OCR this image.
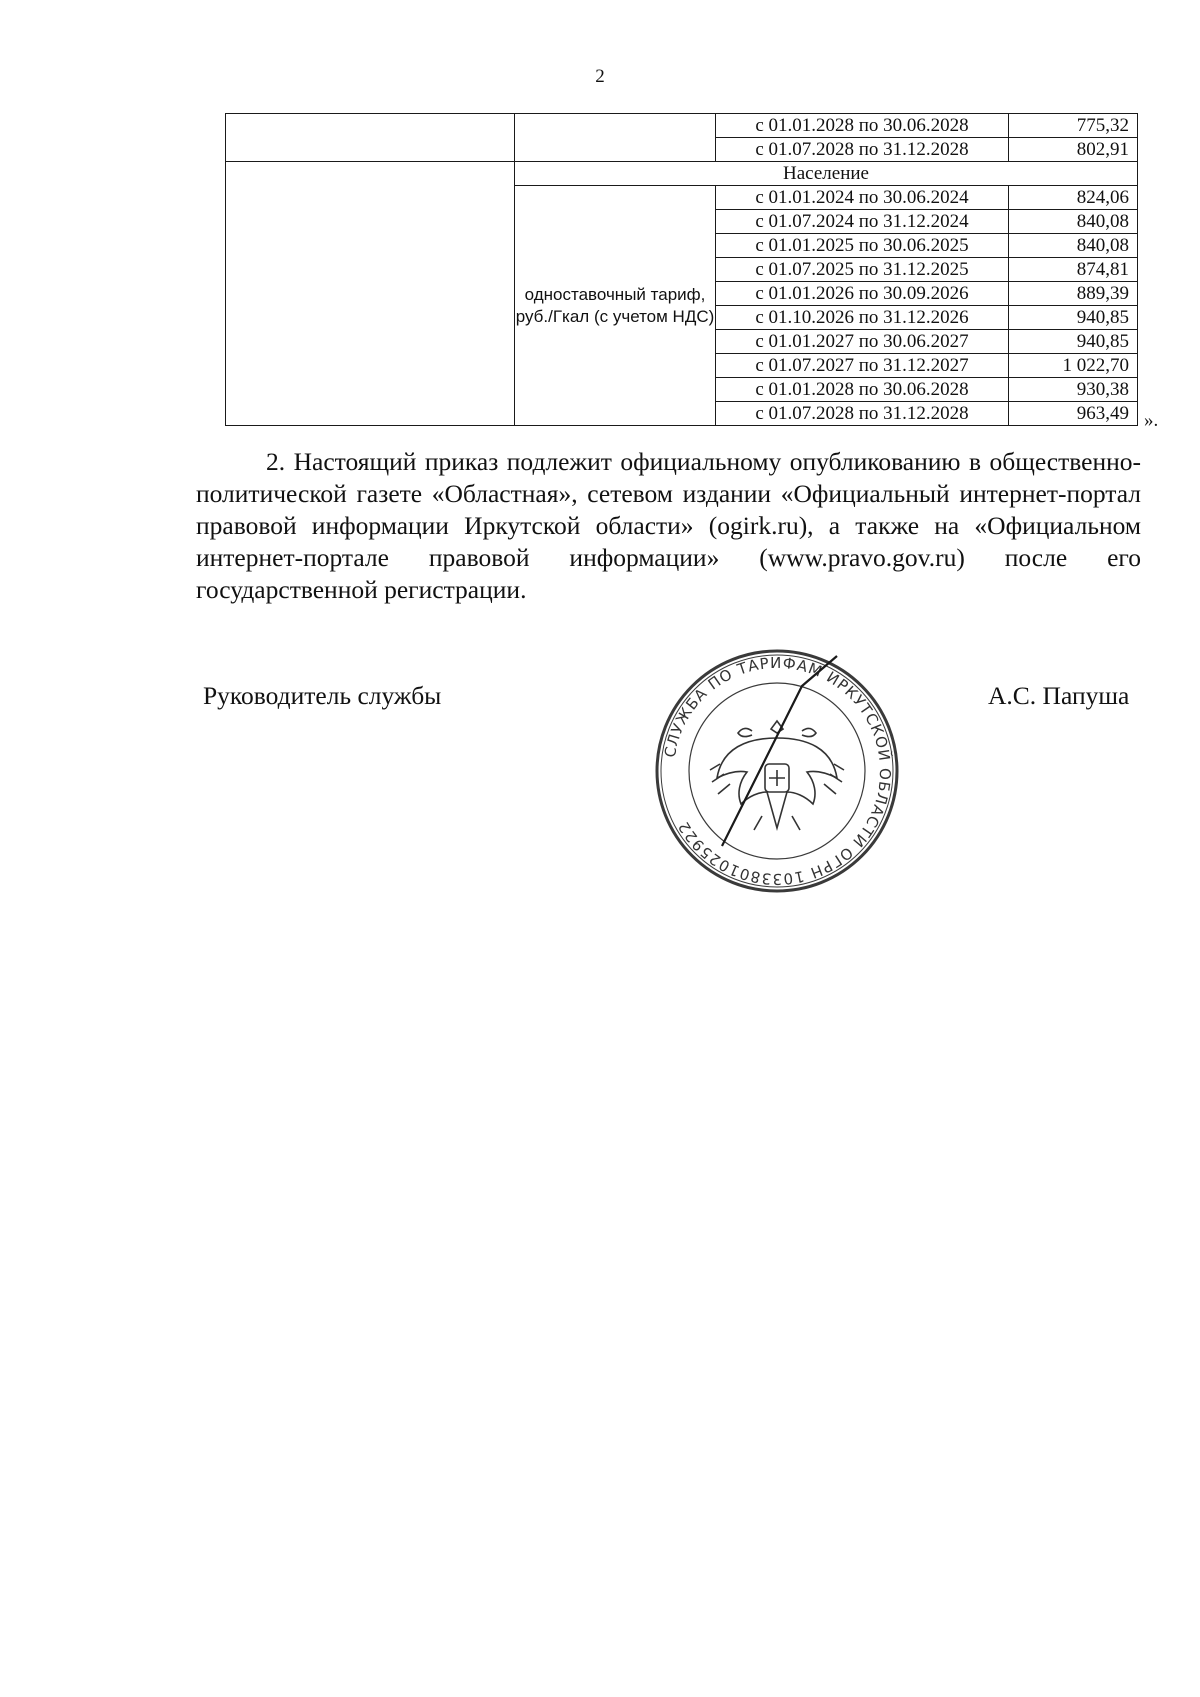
2
		с 01.01.2028 по 30.06.2028	775,32
		с 01.07.2028 по 31.12.2028	802,91
	Население		
	одноставочный тариф, руб./Гкал (с учетом НДС)	с 01.01.2024 по 30.06.2024	824,06
		с 01.07.2024 по 31.12.2024	840,08
		с 01.01.2025 по 30.06.2025	840,08
		с 01.07.2025 по 31.12.2025	874,81
		с 01.01.2026 по 30.09.2026	889,39
		с 01.10.2026 по 31.12.2026	940,85
		с 01.01.2027 по 30.06.2027	940,85
		с 01.07.2027 по 31.12.2027	1 022,70
		с 01.01.2028 по 30.06.2028	930,38
		с 01.07.2028 по 31.12.2028	963,49 ».

2. Настоящий приказ подлежит официальному опубликованию в общественно-политической газете «Областная», сетевом издании «Официальный интернет-портал правовой информации Иркутской области» (ogirk.ru), а также на «Официальном интернет-портале правовой информации» (www.pravo.gov.ru) после его государственной регистрации.

Руководитель службы
СЛУЖБА ПО ТАРИФАМ ИРКУТСКОЙ ОБЛАСТИ ОГРН 1033801025922
А.С. Папуша
